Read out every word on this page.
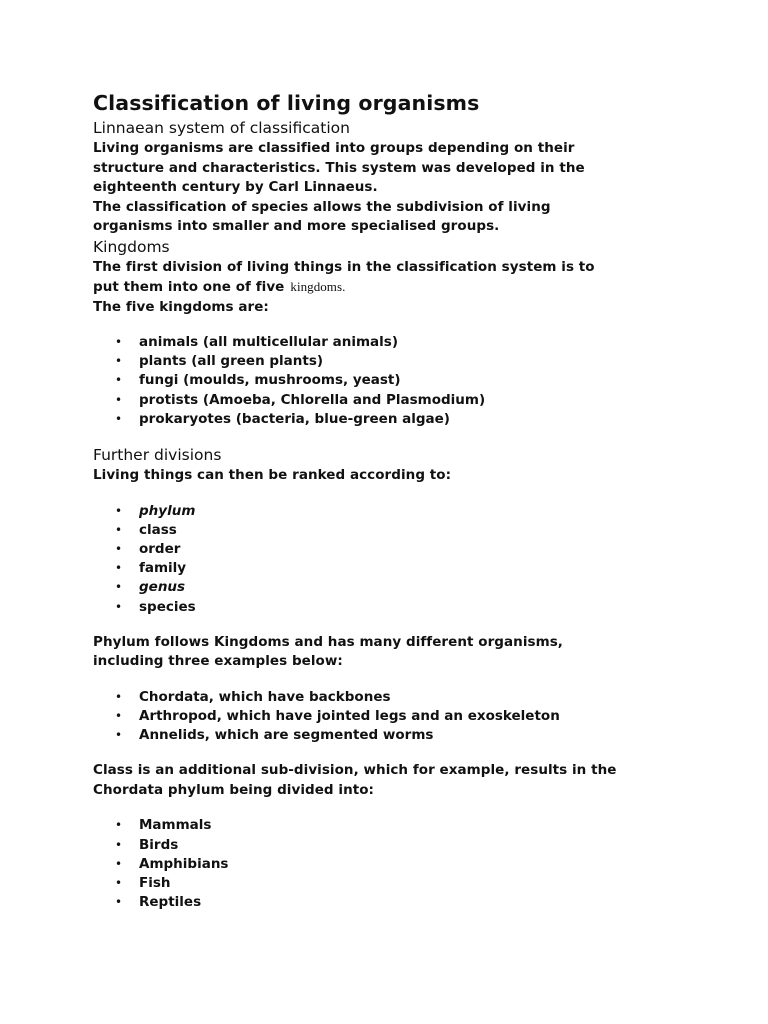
Classification of living organisms
Linnaean system of classification

Living organisms are classified into groups depending on their

structure and characteristics. This system was developed in the

eighteenth century by Carl Linnaeus.

The classification of species allows the subdivision of living

organisms into smaller and more specialised groups.

Kingdoms

The first division of living things in the classification system is to

put them into one of five kingdoms.

The five kingdoms are:

• animals (all multicellular animals)
• plants (all green plants)
• fungi (moulds, mushrooms, yeast)
• protists (Amoeba, Chlorella and Plasmodium)
• prokaryotes (bacteria, blue-green algae)
Further divisions

Living things can then be ranked according to:

• phylum
• class
• order
• family
• genus
• species

Phylum follows Kingdoms and has many different organisms,

including three examples below:

• Chordata, which have backbones
• Arthropod, which have jointed legs and an exoskeleton
• Annelids, which are segmented worms

Class is an additional sub-division, which for example, results in the

Chordata phylum being divided into:

• Mammals
• Birds
• Amphibians
• Fish
• Reptiles
